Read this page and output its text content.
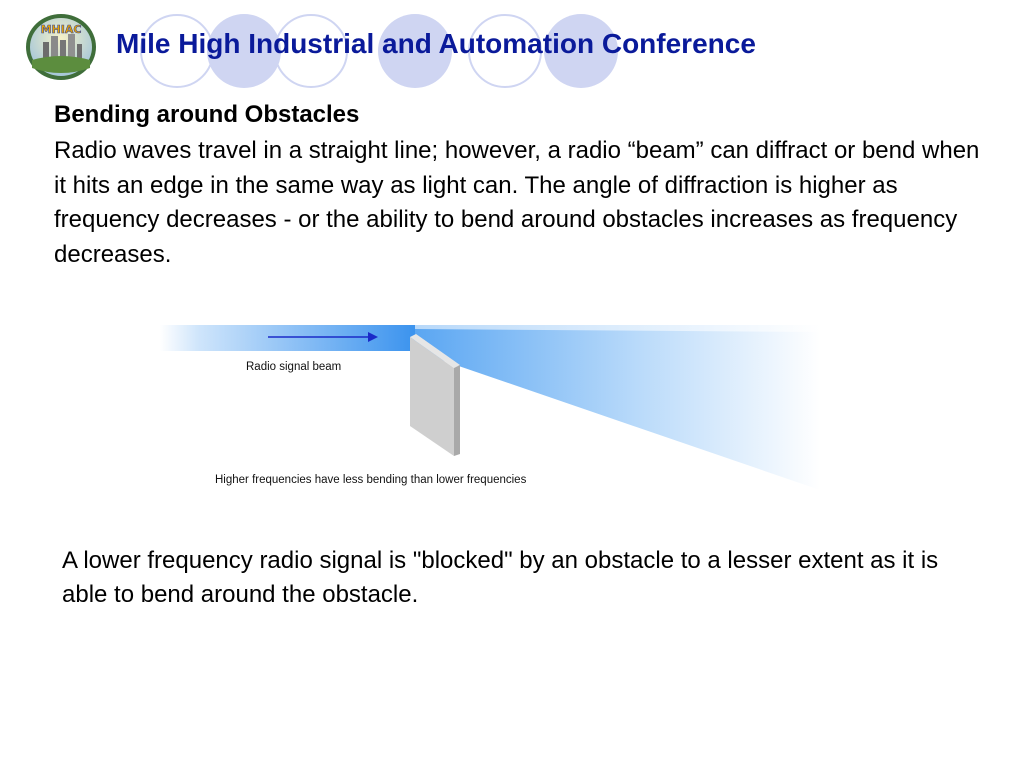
MHIAC Mile High Industrial and Automation Conference
Bending around Obstacles

Radio waves travel in a straight line; however, a radio “beam” can diffract or bend when it hits an edge in the same way as light can. The angle of diffraction is higher as frequency decreases - or the ability to bend around obstacles increases as frequency decreases.

Radio signal beam
Higher frequencies have less bending than lower frequencies

A lower frequency radio signal is "blocked" by an obstacle to a lesser extent as it is able to bend around the obstacle.
